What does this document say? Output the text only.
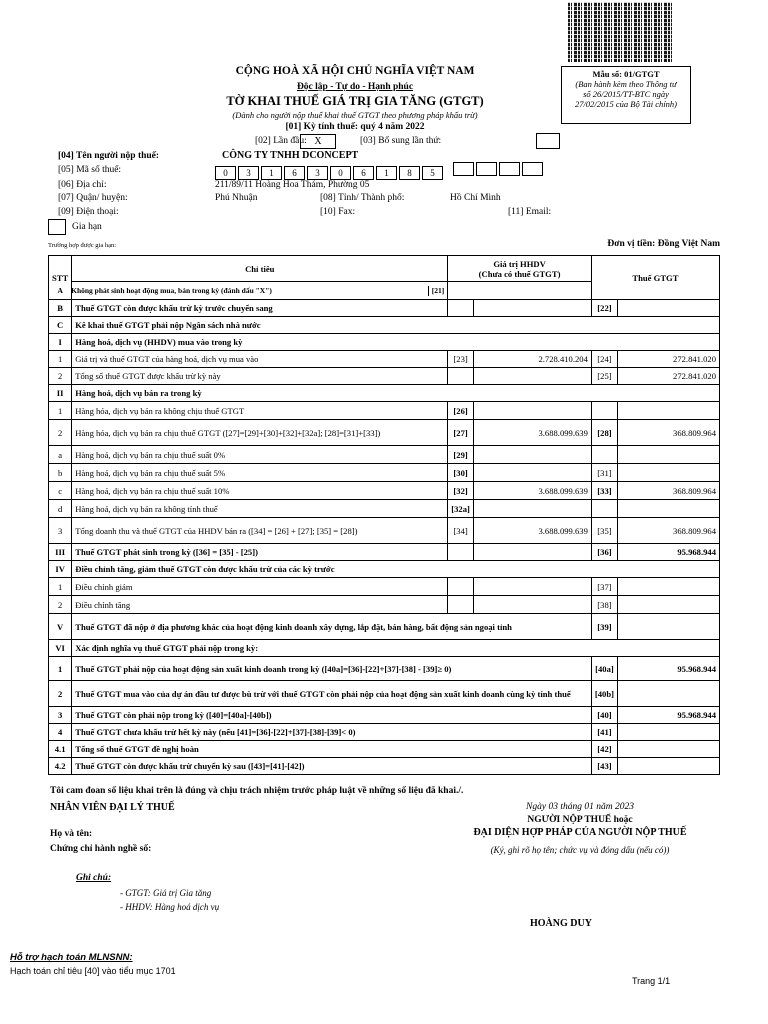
Mẫu số: 01/GTGT
(Ban hành kèm theo Thông tư
số 26/2015/TT-BTC ngày
27/02/2015 của Bộ Tài chính)
CỘNG HOÀ XÃ HỘI CHỦ NGHĨA VIỆT NAM
Độc lập - Tự do - Hạnh phúc
TỜ KHAI THUẾ GIÁ TRỊ GIA TĂNG (GTGT)
(Dành cho người nộp thuế khai thuế GTGT theo phương pháp khấu trừ)
[01] Kỳ tính thuế: quý 4 năm 2022
[02] Lần đầu: X	[03] Bổ sung lần thứ:
[04] Tên người nộp thuế:	CÔNG TY TNHH DCONCEPT
[05] Mã số thuế:	0 3 1 6 3 0 6 1 8 5
[06] Địa chỉ:	211/89/11 Hoàng Hoa Thám, Phường 05
[07] Quận/ huyện:	Phú Nhuận	[08] Tỉnh/ Thành phố:	Hồ Chí Minh
[09] Điện thoại:	[10] Fax:	[11] Email:
Gia hạn
Trường hợp được gia hạn:	Đơn vị tiền: Đồng Việt Nam
STT	Chỉ tiêu	Giá trị HHDV
(Chưa có thuế GTGT)		Thuế GTGT	
	A Không phát sinh hoạt động mua, bán trong kỳ (đánh dấu "X") [21]				

B	Thuế GTGT còn được khấu trừ kỳ trước chuyển sang			[22]	
C	Kê khai thuế GTGT phải nộp Ngân sách nhà nước				
I	Hàng hoá, dịch vụ (HHDV) mua vào trong kỳ				
1	Giá trị và thuế GTGT của hàng hoá, dịch vụ mua vào	[23]	2.728.410.204	[24]	272.841.020
2	Tổng số thuế GTGT được khấu trừ kỳ này			[25]	272.841.020
II	Hàng hoá, dịch vụ bán ra trong kỳ				
1	Hàng hóa, dịch vụ bán ra không chịu thuế GTGT	[26]			
2	Hàng hóa, dịch vụ bán ra chịu thuế GTGT ([27]=[29]+[30]+[32]+[32a]; [28]=[31]+[33])	[27]	3.688.099.639	[28]	368.809.964
a	Hàng hoá, dịch vụ bán ra chịu thuế suất 0%	[29]			
b	Hàng hoá, dịch vụ bán ra chịu thuế suất 5%	[30]		[31]	
c	Hàng hoá, dịch vụ bán ra chịu thuế suất 10%	[32]	3.688.099.639	[33]	368.809.964
d	Hàng hoá, dịch vụ bán ra không tính thuế	[32a]			
3	Tổng doanh thu và thuế GTGT của HHDV bán ra ([34] = [26] + [27]; [35] = [28])	[34]	3.688.099.639	[35]	368.809.964
III	Thuế GTGT phát sinh trong kỳ ([36] = [35] - [25])			[36]	95.968.944
IV	Điều chỉnh tăng, giảm thuế GTGT còn được khấu trừ của các kỳ trước				
1	Điều chỉnh giảm			[37]	
2	Điều chỉnh tăng			[38]	
V	Thuế GTGT đã nộp ở địa phương khác của hoạt động kinh doanh xây dựng, lắp đặt, bán hàng, bất động sản ngoại tỉnh			[39]	
VI	Xác định nghĩa vụ thuế GTGT phải nộp trong kỳ:				
1	Thuế GTGT phải nộp của hoạt động sản xuất kinh doanh trong kỳ ([40a]=[36]-[22]+[37]-[38] - [39]≥ 0)			[40a]	95.968.944
2	Thuế GTGT mua vào của dự án đầu tư được bù trừ với thuế GTGT còn phải nộp của hoạt động sản xuất kinh doanh cùng kỳ tính thuế			[40b]	
3	Thuế GTGT còn phải nộp trong kỳ ([40]=[40a]-[40b])			[40]	95.968.944
4	Thuế GTGT chưa khấu trừ hết kỳ này (nếu [41]=[36]-[22]+[37]-[38]-[39]< 0)			[41]	
4.1	Tổng số thuế GTGT đề nghị hoàn			[42]	
4.2	Thuế GTGT còn được khấu trừ chuyển kỳ sau ([43]=[41]-[42])			[43]	
Tôi cam đoan số liệu khai trên là đúng và chịu trách nhiệm trước pháp luật về những số liệu đã khai./.
NHÂN VIÊN ĐẠI LÝ THUẾ	Ngày 03 tháng 01 năm 2023
NGƯỜI NỘP THUẾ hoặc
ĐẠI DIỆN HỢP PHÁP CỦA NGƯỜI NỘP THUẾ
(Ký, ghi rõ họ tên; chức vụ và đóng dấu (nếu có))
Họ và tên:
Chứng chỉ hành nghề số:
Ghi chú:
- GTGT: Giá trị Gia tăng
- HHDV: Hàng hoá dịch vụ
HOÀNG DUY
Hỗ trợ hạch toán MLNSNN:
Hạch toán chỉ tiêu [40] vào tiểu mục 1701
Trang 1/1
